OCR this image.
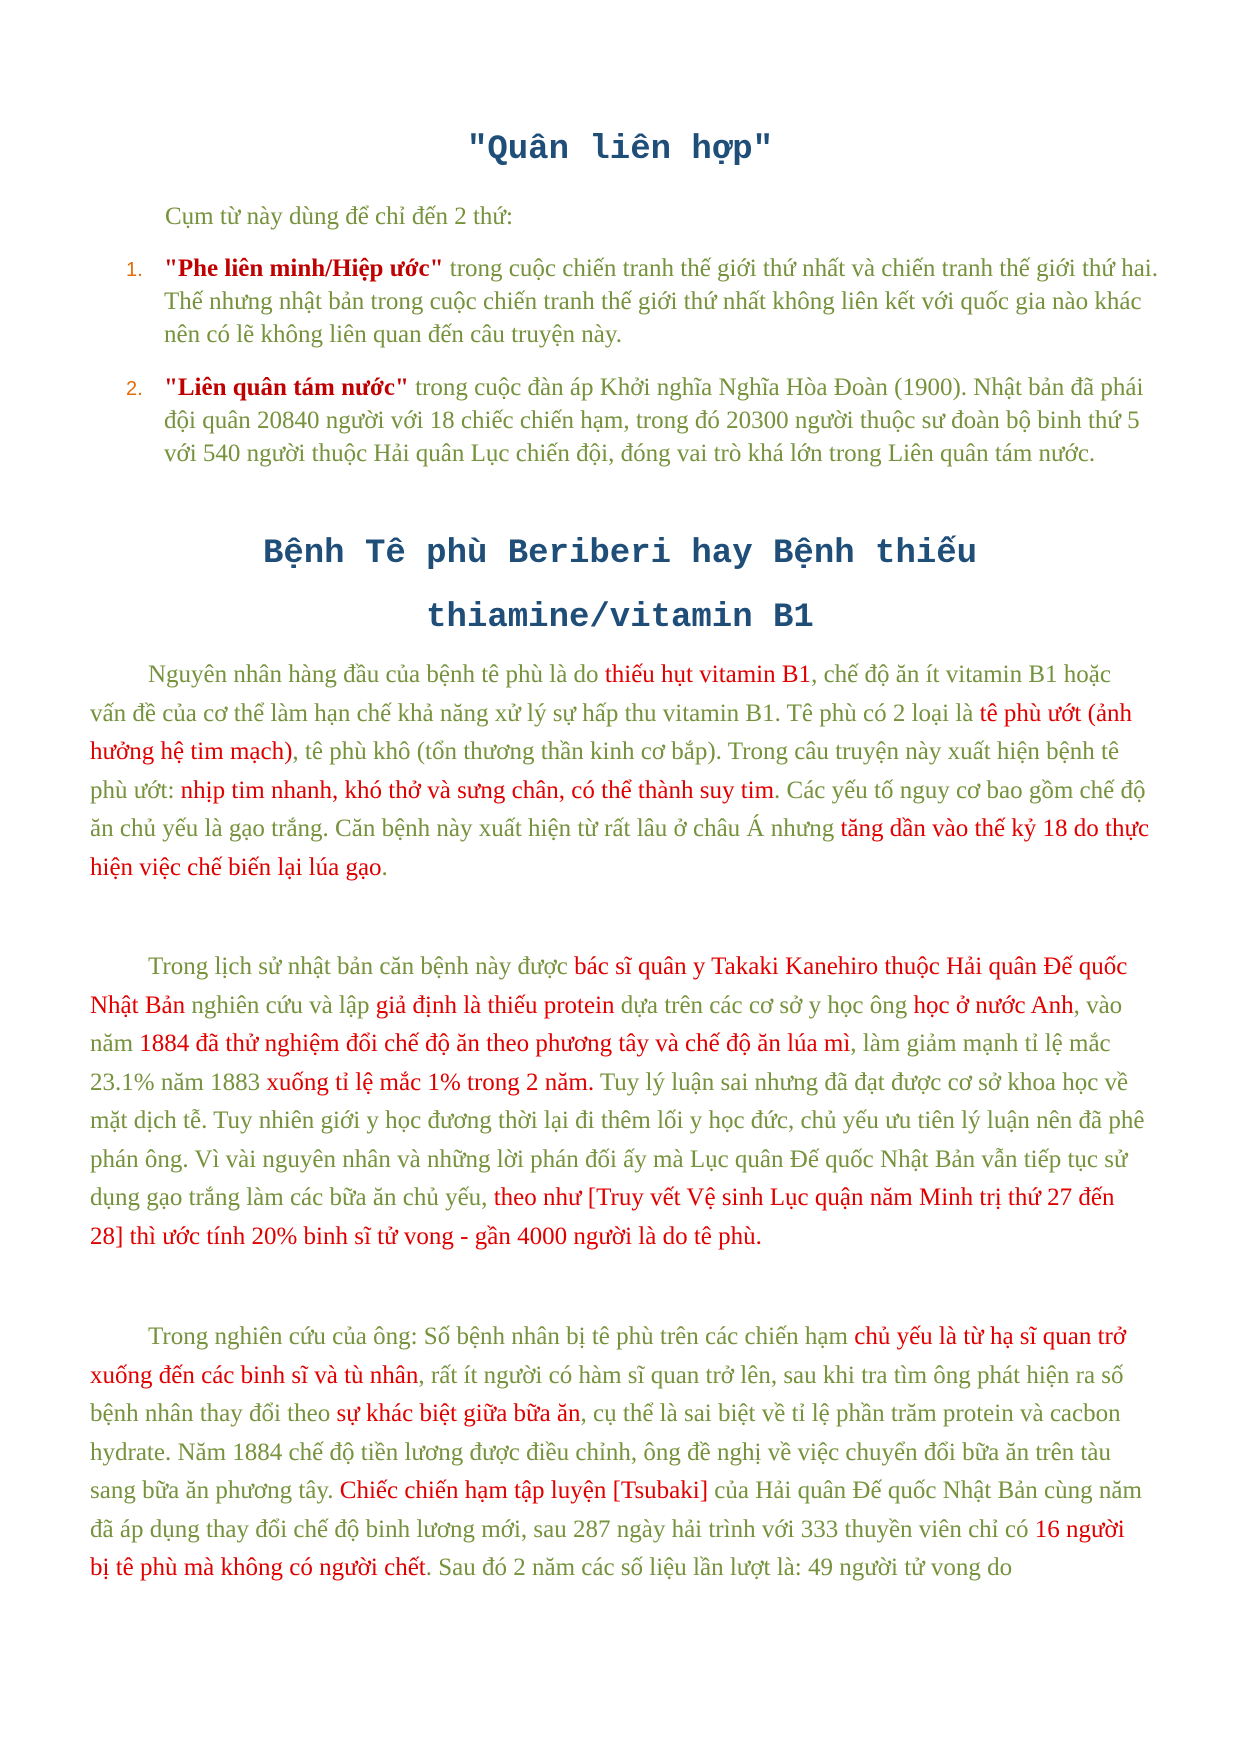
"Quân liên hợp"

Cụm từ này dùng để chỉ đến 2 thứ:

1. "Phe liên minh/Hiệp ước" trong cuộc chiến tranh thế giới thứ nhất và chiến tranh thế giới thứ hai. Thế nhưng nhật bản trong cuộc chiến tranh thế giới thứ nhất không liên kết với quốc gia nào khác nên có lẽ không liên quan đến câu truyện này.
2. "Liên quân tám nước" trong cuộc đàn áp Khởi nghĩa Nghĩa Hòa Đoàn (1900). Nhật bản đã phái đội quân 20840 người với 18 chiếc chiến hạm, trong đó 20300 người thuộc sư đoàn bộ binh thứ 5 với 540 người thuộc Hải quân Lục chiến đội, đóng vai trò khá lớn trong Liên quân tám nước.
Bệnh Tê phù Beriberi hay Bệnh thiếu
thiamine/vitamin B1

Nguyên nhân hàng đầu của bệnh tê phù là do thiếu hụt vitamin B1, chế độ ăn ít vitamin B1 hoặc vấn đề của cơ thể làm hạn chế khả năng xử lý sự hấp thu vitamin B1. Tê phù có 2 loại là tê phù ướt (ảnh hưởng hệ tim mạch), tê phù khô (tổn thương thần kinh cơ bắp). Trong câu truyện này xuất hiện bệnh tê phù ướt: nhịp tim nhanh, khó thở và sưng chân, có thể thành suy tim. Các yếu tố nguy cơ bao gồm chế độ ăn chủ yếu là gạo trắng. Căn bệnh này xuất hiện từ rất lâu ở châu Á nhưng tăng dần vào thế kỷ 18 do thực hiện việc chế biến lại lúa gạo.

Trong lịch sử nhật bản căn bệnh này được bác sĩ quân y Takaki Kanehiro thuộc Hải quân Đế quốc Nhật Bản nghiên cứu và lập giả định là thiếu protein dựa trên các cơ sở y học ông học ở nước Anh, vào năm 1884 đã thử nghiệm đổi chế độ ăn theo phương tây và chế độ ăn lúa mì, làm giảm mạnh tỉ lệ mắc 23.1% năm 1883 xuống tỉ lệ mắc 1% trong 2 năm. Tuy lý luận sai nhưng đã đạt được cơ sở khoa học về mặt dịch tễ. Tuy nhiên giới y học đương thời lại đi thêm lối y học đức, chủ yếu ưu tiên lý luận nên đã phê phán ông. Vì vài nguyên nhân và những lời phán đối ấy mà Lục quân Đế quốc Nhật Bản vẫn tiếp tục sử dụng gạo trắng làm các bữa ăn chủ yếu, theo như [Truy vết Vệ sinh Lục quận năm Minh trị thứ 27 đến 28] thì ước tính 20% binh sĩ tử vong - gần 4000 người là do tê phù.

Trong nghiên cứu của ông: Số bệnh nhân bị tê phù trên các chiến hạm chủ yếu là từ hạ sĩ quan trở xuống đến các binh sĩ và tù nhân, rất ít người có hàm sĩ quan trở lên, sau khi tra tìm ông phát hiện ra số bệnh nhân thay đổi theo sự khác biệt giữa bữa ăn, cụ thể là sai biệt về tỉ lệ phần trăm protein và cacbon hydrate. Năm 1884 chế độ tiền lương được điều chỉnh, ông đề nghị về việc chuyển đổi bữa ăn trên tàu sang bữa ăn phương tây. Chiếc chiến hạm tập luyện [Tsubaki] của Hải quân Đế quốc Nhật Bản cùng năm đã áp dụng thay đổi chế độ binh lương mới, sau 287 ngày hải trình với 333 thuyền viên chỉ có 16 người bị tê phù mà không có người chết. Sau đó 2 năm các số liệu lần lượt là: 49 người tử vong do
